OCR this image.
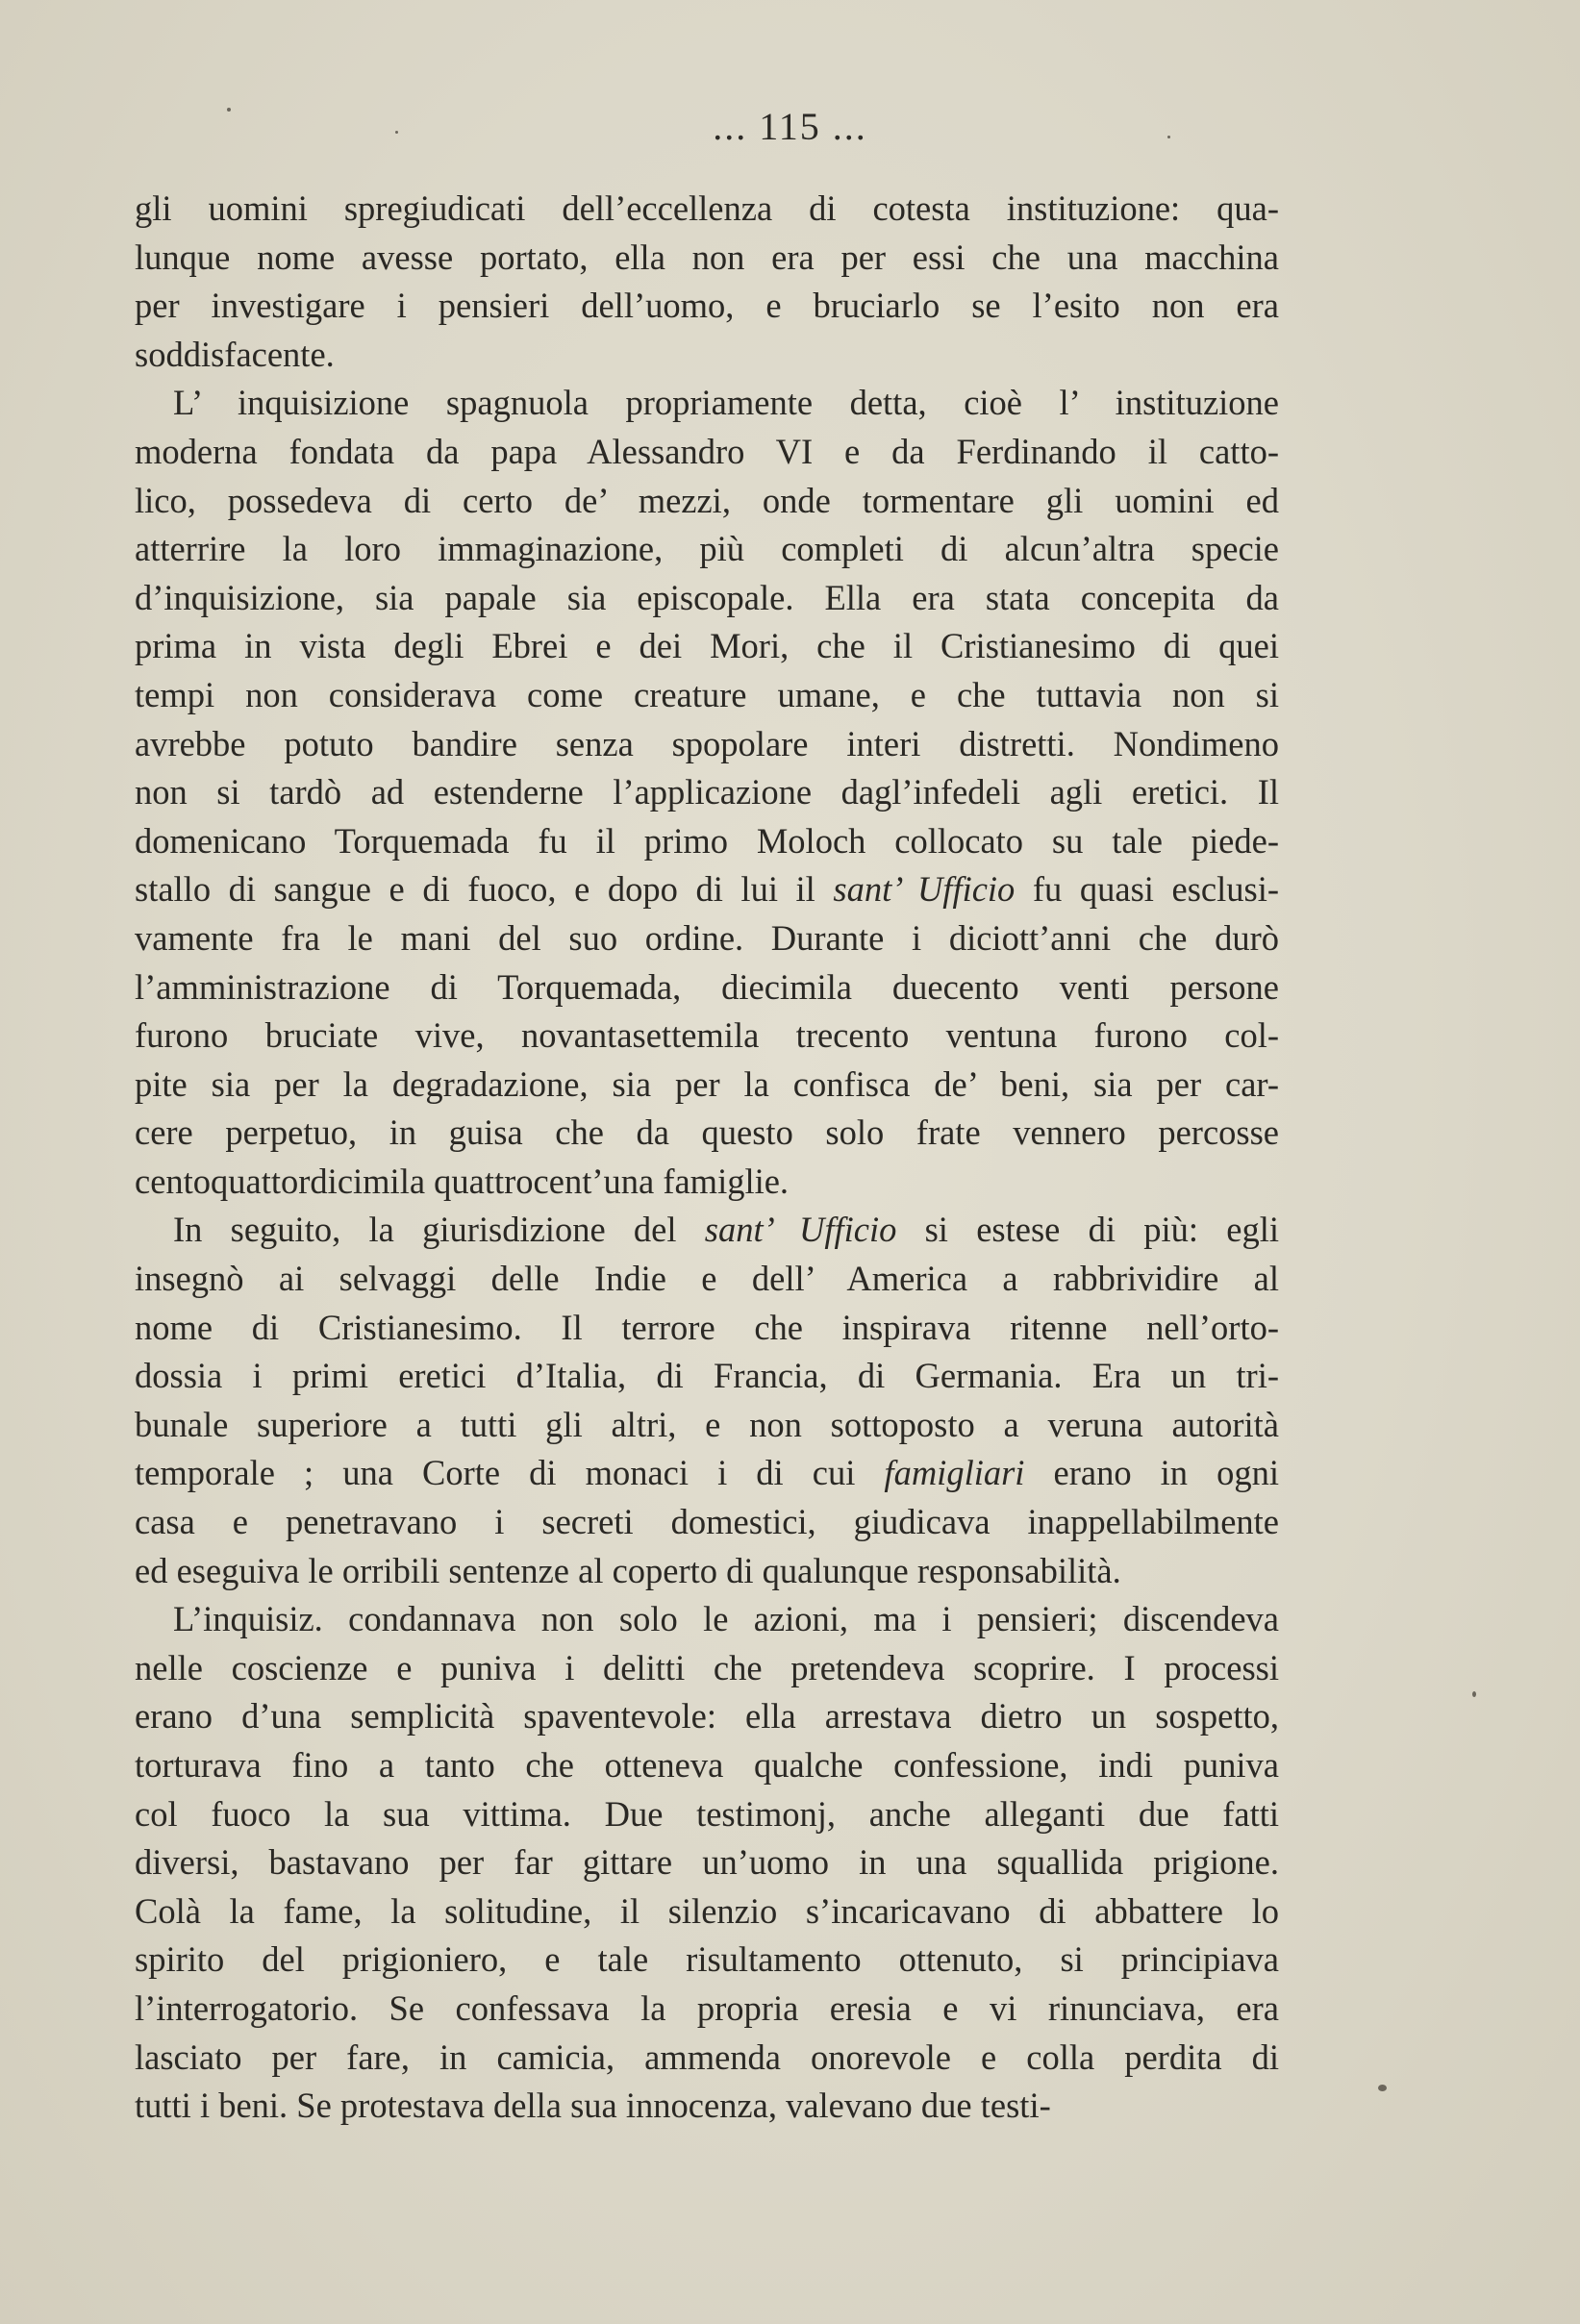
... 115 ...

gli uomini spregiudicati dell’eccellenza di cotesta instituzione: qua-
lunque nome avesse portato, ella non era per essi che una macchina
per investigare i pensieri dell’uomo, e bruciarlo se l’esito non era
soddisfacente.

L’ inquisizione spagnuola propriamente detta, cioè l’ instituzione
moderna fondata da papa Alessandro VI e da Ferdinando il catto-
lico, possedeva di certo de’ mezzi, onde tormentare gli uomini ed
atterrire la loro immaginazione, più completi di alcun’altra specie
d’inquisizione, sia papale sia episcopale. Ella era stata concepita da
prima in vista degli Ebrei e dei Mori, che il Cristianesimo di quei
tempi non considerava come creature umane, e che tuttavia non si
avrebbe potuto bandire senza spopolare interi distretti. Nondimeno
non si tardò ad estenderne l’applicazione dagl’infedeli agli eretici. Il
domenicano Torquemada fu il primo Moloch collocato su tale piede-
stallo di sangue e di fuoco, e dopo di lui il sant’ Ufficio fu quasi esclusi-
vamente fra le mani del suo ordine. Durante i diciott’anni che durò
l’amministrazione di Torquemada, diecimila duecento venti persone
furono bruciate vive, novantasettemila trecento ventuna furono col-
pite sia per la degradazione, sia per la confisca de’ beni, sia per car-
cere perpetuo, in guisa che da questo solo frate vennero percosse
centoquattordicimila quattrocent’una famiglie.

In seguito, la giurisdizione del sant’ Ufficio si estese di più: egli
insegnò ai selvaggi delle Indie e dell’ America a rabbrividire al
nome di Cristianesimo. Il terrore che inspirava ritenne nell’orto-
dossia i primi eretici d’Italia, di Francia, di Germania. Era un tri-
bunale superiore a tutti gli altri, e non sottoposto a veruna autorità
temporale ; una Corte di monaci i di cui famigliari erano in ogni
casa e penetravano i secreti domestici, giudicava inappellabilmente
ed eseguiva le orribili sentenze al coperto di qualunque responsabilità.

L’inquisiz. condannava non solo le azioni, ma i pensieri; discendeva
nelle coscienze e puniva i delitti che pretendeva scoprire. I processi
erano d’una semplicità spaventevole: ella arrestava dietro un sospetto,
torturava fino a tanto che otteneva qualche confessione, indi puniva
col fuoco la sua vittima. Due testimonj, anche alleganti due fatti
diversi, bastavano per far gittare un’uomo in una squallida prigione.
Colà la fame, la solitudine, il silenzio s’incaricavano di abbattere lo
spirito del prigioniero, e tale risultamento ottenuto, si principiava
l’interrogatorio. Se confessava la propria eresia e vi rinunciava, era
lasciato per fare, in camicia, ammenda onorevole e colla perdita di
tutti i beni. Se protestava della sua innocenza, valevano due testi-
